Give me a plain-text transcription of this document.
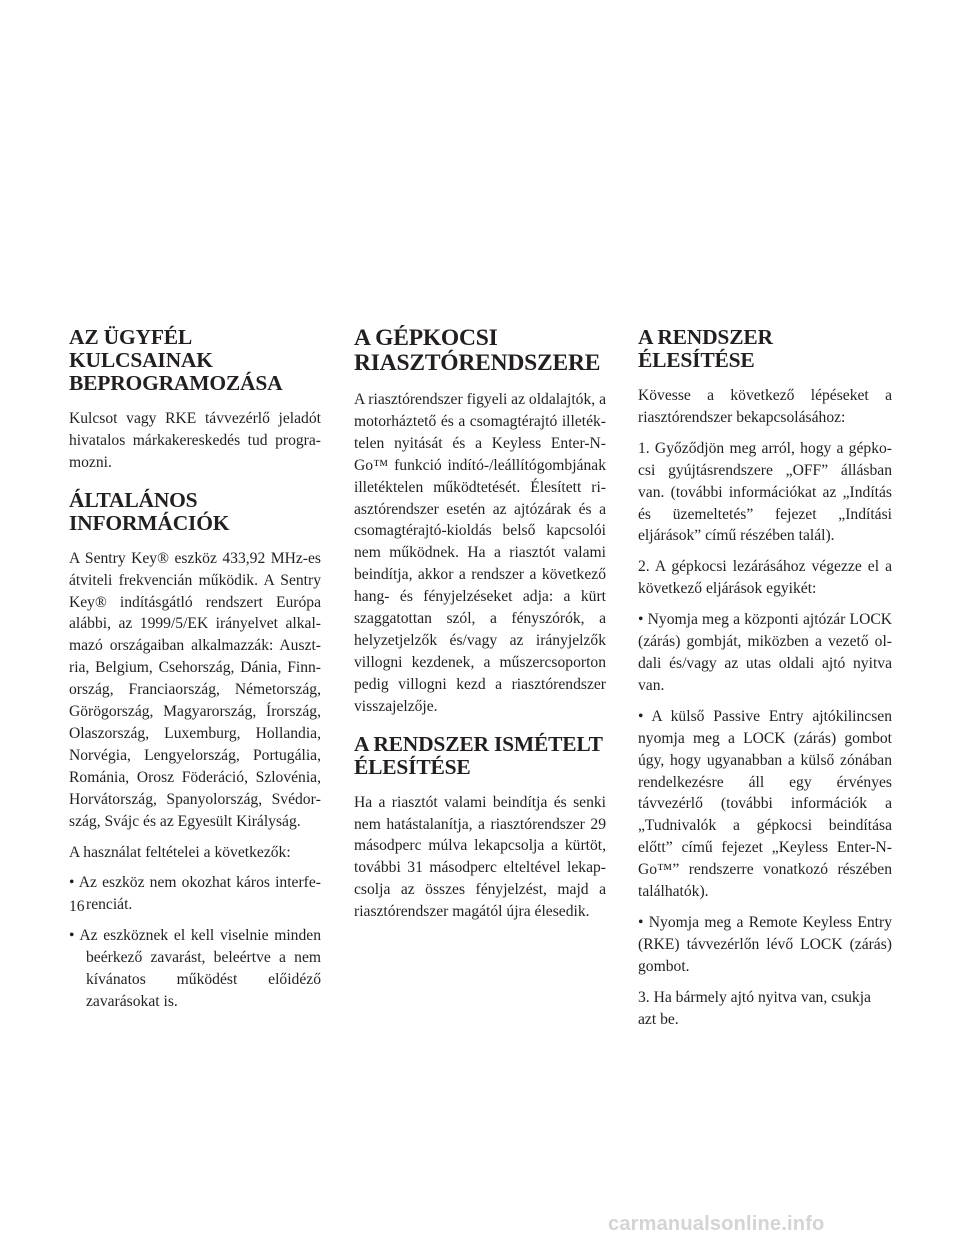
AZ ÜGYFÉL KULCSAINAK BEPROGRAMOZÁSA

Kulcsot vagy RKE távvezérlő jeladót hivatalos márkakereskedés tud programozni.

ÁLTALÁNOS INFORMÁCIÓK

A Sentry Key® eszköz 433,92 MHz-es átviteli frekvencián működik. A Sentry Key® indításgátló rendszert Európa alábbi, az 1999/5/EK irányelvet alkalmazó országaiban alkalmazzák: Ausztria, Belgium, Csehország, Dánia, Finnország, Franciaország, Németország, Görögország, Magyarország, Írország, Olaszország, Luxemburg, Hollandia, Norvégia, Lengyelország, Portugália, Románia, Orosz Föderáció, Szlovénia, Horvátország, Spanyolország, Svédország, Svájc és az Egyesült Királyság.

A használat feltételei a következők:

• Az eszköz nem okozhat káros interferenciát.
• Az eszköznek el kell viselnie minden beérkező zavarást, beleértve a nem kívánatos működést előidéző zavarásokat is.
A GÉPKOCSI RIASZTÓRENDSZERE

A riasztórendszer figyeli az oldalajtók, a motorháztető és a csomagtérajtó illetéktelen nyitását és a Keyless Enter-N-Go™ funkció indító-/leállítógombjának illetéktelen működtetését. Élesített riasztórendszer esetén az ajtózárak és a csomagtérajtó-kioldás belső kapcsolói nem működnek. Ha a riasztót valami beindítja, akkor a rendszer a következő hang- és fényjelzéseket adja: a kürt szaggatottan szól, a fényszórók, a helyzetjelzők és/vagy az irányjelzők villogni kezdenek, a műszercsoporton pedig villogni kezd a riasztórendszer visszajelzője.

A RENDSZER ISMÉTELT ÉLESÍTÉSE

Ha a riasztót valami beindítja és senki nem hatástalanítja, a riasztórendszer 29 másodperc múlva lekapcsolja a kürtöt, további 31 másodperc elteltével lekapcsolja az összes fényjelzést, majd a riasztórendszer magától újra élesedik.

A RENDSZER ÉLESÍTÉSE

Kövesse a következő lépéseket a riasztórendszer bekapcsolásához:

1. Győződjön meg arról, hogy a gépkocsi gyújtásrendszere „OFF” állásban van. (további információkat az „Indítás és üzemeltetés” fejezet „Indítási eljárások” című részében talál).

2. A gépkocsi lezárásához végezze el a következő eljárások egyikét:

• Nyomja meg a központi ajtózár LOCK (zárás) gombját, miközben a vezető oldali és/vagy az utas oldali ajtó nyitva van.

• A külső Passive Entry ajtókilincsen nyomja meg a LOCK (zárás) gombot úgy, hogy ugyanabban a külső zónában rendelkezésre áll egy érvényes távvezérlő (további információk a „Tudnivalók a gépkocsi beindítása előtt” című fejezet „Keyless Enter-N-Go™” rendszerre vonatkozó részében találhatók).

• Nyomja meg a Remote Keyless Entry (RKE) távvezérlőn lévő LOCK (zárás) gombot.

3. Ha bármely ajtó nyitva van, csukja azt be.

16
carmanualsonline.info
